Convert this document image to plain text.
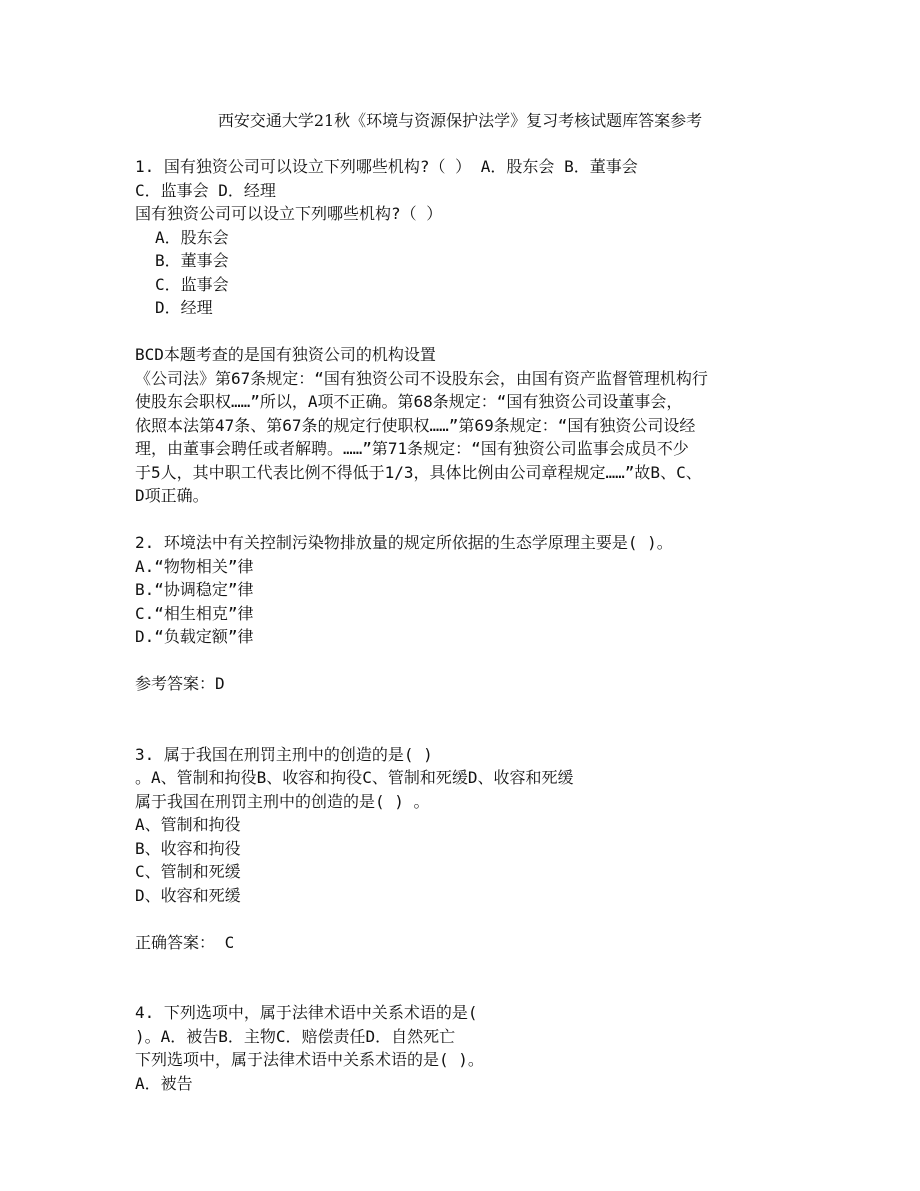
西安交通大学21秋《环境与资源保护法学》复习考核试题库答案参考
1. 国有独资公司可以设立下列哪些机构?（ ） A．股东会 B．董事会
C．监事会 D．经理
国有独资公司可以设立下列哪些机构?（ ）
A．股东会
B．董事会
C．监事会
D．经理
BCD本题考查的是国有独资公司的机构设置
《公司法》第67条规定：“国有独资公司不设股东会，由国有资产监督管理机构行
使股东会职权……”所以，A项不正确。第68条规定：“国有独资公司设董事会，
依照本法第47条、第67条的规定行使职权……”第69条规定：“国有独资公司设经
理，由董事会聘任或者解聘。……”第71条规定：“国有独资公司监事会成员不少
于5人，其中职工代表比例不得低于1/3，具体比例由公司章程规定……”故B、C、
D项正确。
2. 环境法中有关控制污染物排放量的规定所依据的生态学原理主要是( )。
A.“物物相关”律
B.“协调稳定”律
C.“相生相克”律
D.“负载定额”律
参考答案：D
3. 属于我国在刑罚主刑中的创造的是( )
。A、管制和拘役B、收容和拘役C、管制和死缓D、收容和死缓
属于我国在刑罚主刑中的创造的是( ) 。
A、管制和拘役
B、收容和拘役
C、管制和死缓
D、收容和死缓
正确答案： C
4. 下列选项中，属于法律术语中关系术语的是(
)。A．被告B．主物C．赔偿责任D．自然死亡
下列选项中，属于法律术语中关系术语的是( )。
A．被告
